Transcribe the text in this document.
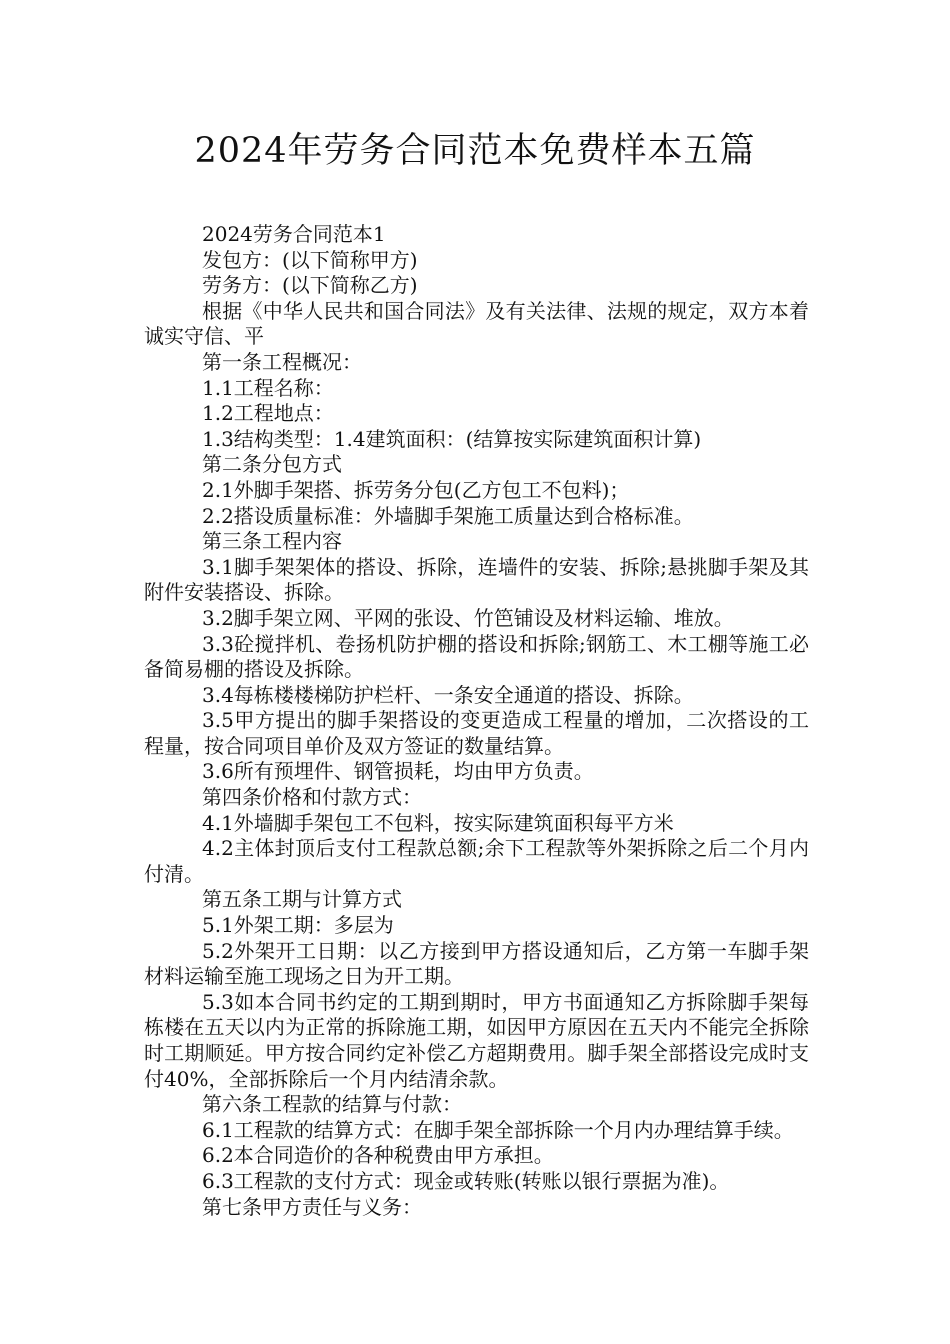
2024年劳务合同范本免费样本五篇

2024劳务合同范本1

发包方：(以下简称甲方)

劳务方：(以下简称乙方)

根据《中华人民共和国合同法》及有关法律、法规的规定，双方本着诚实守信、平

第一条工程概况：

1.1工程名称：

1.2工程地点：

1.3结构类型：1.4建筑面积：(结算按实际建筑面积计算)

第二条分包方式

2.1外脚手架搭、拆劳务分包(乙方包工不包料)；

2.2搭设质量标准：外墙脚手架施工质量达到合格标准。

第三条工程内容

3.1脚手架架体的搭设、拆除，连墙件的安装、拆除;悬挑脚手架及其附件安装搭设、拆除。

3.2脚手架立网、平网的张设、竹笆铺设及材料运输、堆放。

3.3砼搅拌机、卷扬机防护棚的搭设和拆除;钢筋工、木工棚等施工必备简易棚的搭设及拆除。

3.4每栋楼楼梯防护栏杆、一条安全通道的搭设、拆除。

3.5甲方提出的脚手架搭设的变更造成工程量的增加，二次搭设的工程量，按合同项目单价及双方签证的数量结算。

3.6所有预埋件、钢管损耗，均由甲方负责。

第四条价格和付款方式：

4.1外墙脚手架包工不包料，按实际建筑面积每平方米

4.2主体封顶后支付工程款总额;余下工程款等外架拆除之后二个月内付清。

第五条工期与计算方式

5.1外架工期：多层为

5.2外架开工日期：以乙方接到甲方搭设通知后，乙方第一车脚手架材料运输至施工现场之日为开工期。

5.3如本合同书约定的工期到期时，甲方书面通知乙方拆除脚手架每栋楼在五天以内为正常的拆除施工期，如因甲方原因在五天内不能完全拆除时工期顺延。甲方按合同约定补偿乙方超期费用。脚手架全部搭设完成时支付40%，全部拆除后一个月内结清余款。

第六条工程款的结算与付款：

6.1工程款的结算方式：在脚手架全部拆除一个月内办理结算手续。

6.2本合同造价的各种税费由甲方承担。

6.3工程款的支付方式：现金或转账(转账以银行票据为准)。

第七条甲方责任与义务：
